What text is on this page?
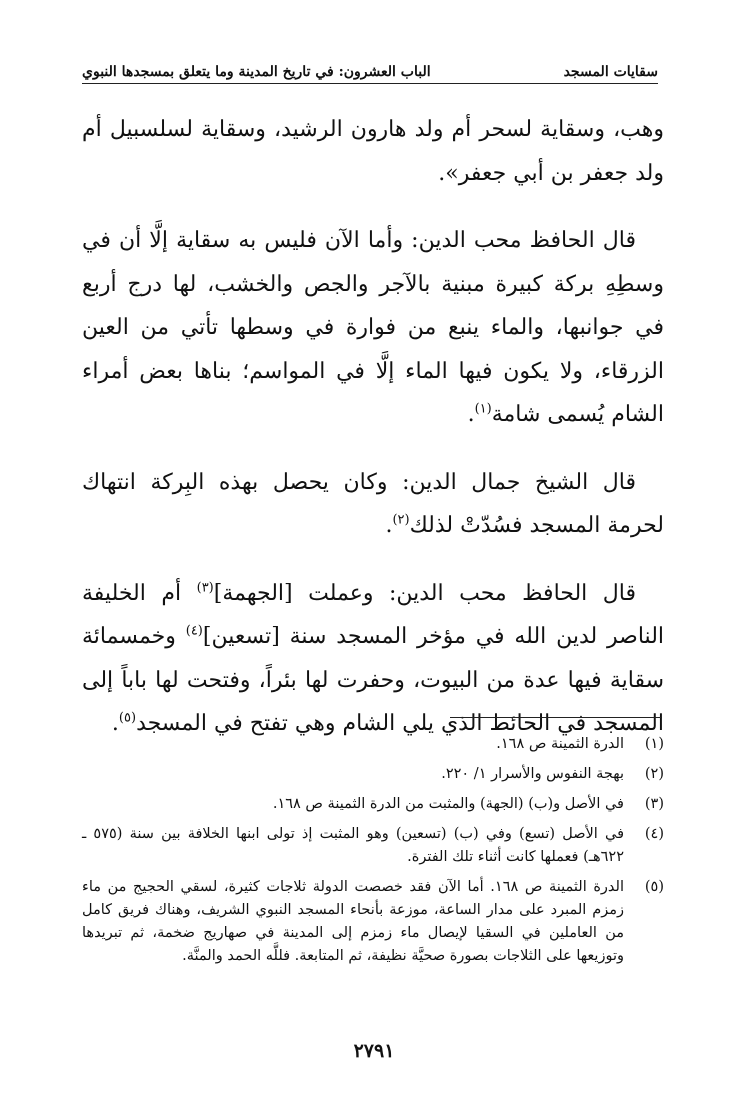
سقايات المسجد
الباب العشرون: في تاريخ المدينة وما يتعلق بمسجدها النبوي

وهب، وسقاية لسحر أم ولد هارون الرشيد، وسقاية لسلسبيل أم ولد جعفر بن أبي جعفر».

قال الحافظ محب الدين: وأما الآن فليس به سقاية إلَّا أن في وسطِهِ بركة كبيرة مبنية بالآجر والجص والخشب، لها درج أربع في جوانبها، والماء ينبع من فوارة في وسطها تأتي من العين الزرقاء، ولا يكون فيها الماء إلَّا في المواسم؛ بناها بعض أمراء الشام يُسمى شامة$^{(١)}$.

قال الشيخ جمال الدين: وكان يحصل بهذه البِركة انتهاك لحرمة المسجد فسُدّتْ لذلك$^{(٢)}$.

قال الحافظ محب الدين: وعملت [الجهمة]$^{(٣)}$ أم الخليفة الناصر لدين الله في مؤخر المسجد سنة [تسعين]$^{(٤)}$ وخمسمائة سقاية فيها عدة من البيوت، وحفرت لها بئراً، وفتحت لها باباً إلى المسجد في الحائط الذي يلي الشام وهي تفتح في المسجد$^{(٥)}$.

(١)
الدرة الثمينة ص ١٦٨.
(٢)
بهجة النفوس والأسرار ١/ ٢٢٠.
(٣)
في الأصل و(ب) (الجهة) والمثبت من الدرة الثمينة ص ١٦٨.
(٤)
في الأصل (تسع) وفي (ب) (تسعين) وهو المثبت إذ تولى ابنها الخلافة بين سنة (٥٧٥ ـ ٦٢٢هـ) فعملها كانت أثناء تلك الفترة.
(٥)
الدرة الثمينة ص ١٦٨. أما الآن فقد خصصت الدولة ثلاجات كثيرة، لسقي الحجيج من ماء زمزم المبرد على مدار الساعة، موزعة بأنحاء المسجد النبوي الشريف، وهناك فريق كامل من العاملين في السقيا لإيصال ماء زمزم إلى المدينة في صهاريج ضخمة، ثم تبريدها وتوزيعها على الثلاجات بصورة صحيَّة نظيفة، ثم المتابعة. فللَّه الحمد والمنَّة.
٢٧٩١
